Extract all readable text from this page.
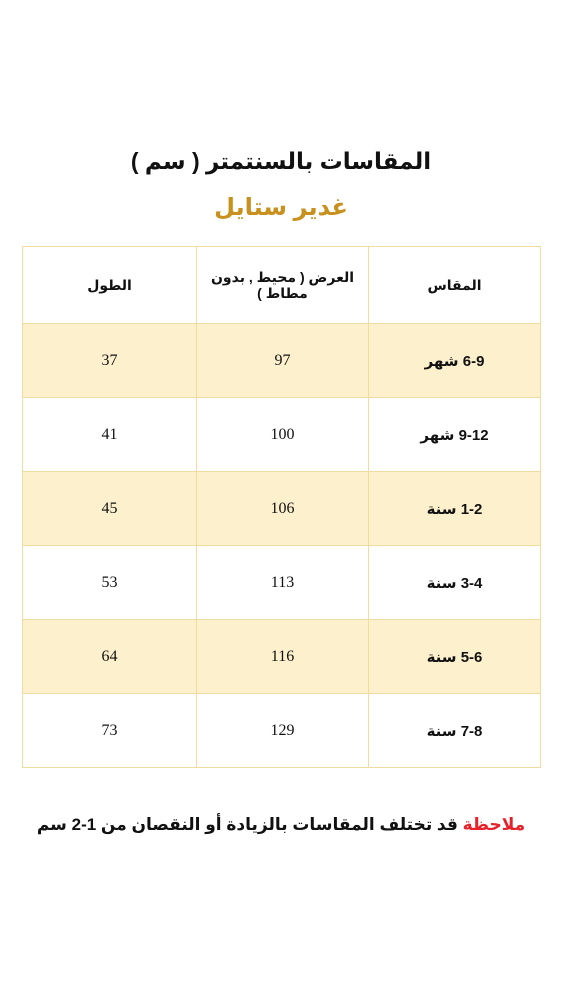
المقاسات بالسنتمتر ( سم )
غدير ستايل
المقاس	العرض ( محيط , بدون مطاط )	الطول
6-9 شهر	97	37
9-12 شهر	100	41
1-2 سنة	106	45
3-4 سنة	113	53
5-6 سنة	116	64
7-8 سنة	129	73
ملاحظة قد تختلف المقاسات بالزيادة أو النقصان من 1-2 سم
